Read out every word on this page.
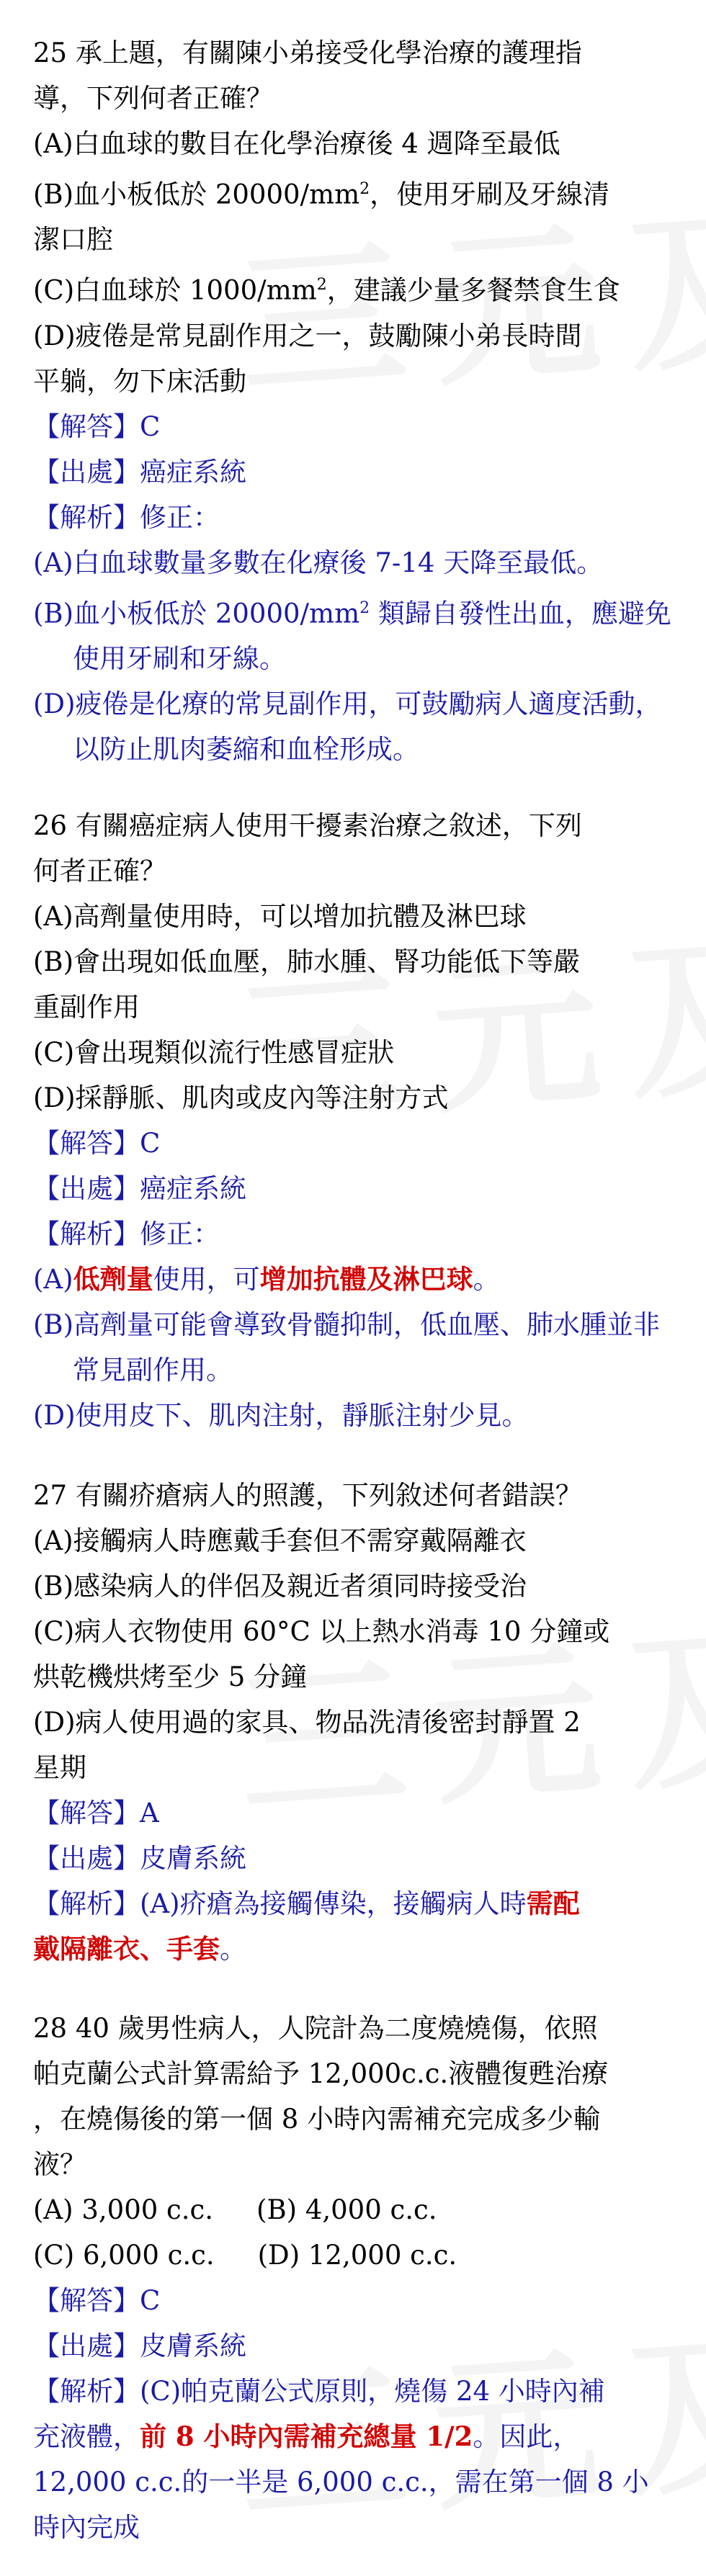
25 承上題，有關陳小弟接受化學治療的護理指
導，下列何者正確？
(A)白血球的數目在化學治療後 4 週降至最低
(B)血小板低於 $20000/mm^2$，使用牙刷及牙線清
潔口腔
(C)白血球於 $1000/mm^2$，建議少量多餐禁食生食
(D)疲倦是常見副作用之一，鼓勵陳小弟長時間
平躺，勿下床活動
【解答】C
【出處】癌症系統
【解析】修正：
(A)白血球數量多數在化療後 7-14 天降至最低。
(B)血小板低於 $20000/mm^2$ 類歸自發性出血，應避免使用牙刷和牙線。
(D)疲倦是化療的常見副作用，可鼓勵病人適度活動，以防止肌肉萎縮和血栓形成。
26 有關癌症病人使用干擾素治療之敘述，下列
何者正確？
(A)高劑量使用時，可以增加抗體及淋巴球
(B)會出現如低血壓，肺水腫、腎功能低下等嚴
重副作用
(C)會出現類似流行性感冒症狀
(D)採靜脈、肌肉或皮內等注射方式
【解答】C
【出處】癌症系統
【解析】修正：
(A)低劑量使用，可增加抗體及淋巴球。
(B)高劑量可能會導致骨髓抑制，低血壓、肺水腫並非常見副作用。
(D)使用皮下、肌肉注射，靜脈注射少見。
27 有關疥瘡病人的照護，下列敘述何者錯誤？
(A)接觸病人時應戴手套但不需穿戴隔離衣
(B)感染病人的伴侶及親近者須同時接受治
(C)病人衣物使用 60°C 以上熱水消毒 10 分鐘或
烘乾機烘烤至少 5 分鐘
(D)病人使用過的家具、物品洗清後密封靜置 2
星期
【解答】A
【出處】皮膚系統
【解析】(A)疥瘡為接觸傳染，接觸病人時需配
戴隔離衣、手套。
28 40 歲男性病人，人院計為二度燒燒傷，依照
帕克蘭公式計算需給予 12,000c.c.液體復甦治療
，在燒傷後的第一個 8 小時內需補充完成多少輸
液？
(A) 3,000 c.c. (B) 4,000 c.c.
(C) 6,000 c.c. (D) 12,000 c.c.
【解答】C
【出處】皮膚系統
【解析】(C)帕克蘭公式原則，燒傷 24 小時內補
充液體，前 8 小時內需補充總量 1/2。因此，
12,000 c.c.的一半是 6,000 c.c.，需在第一個 8 小
時內完成
